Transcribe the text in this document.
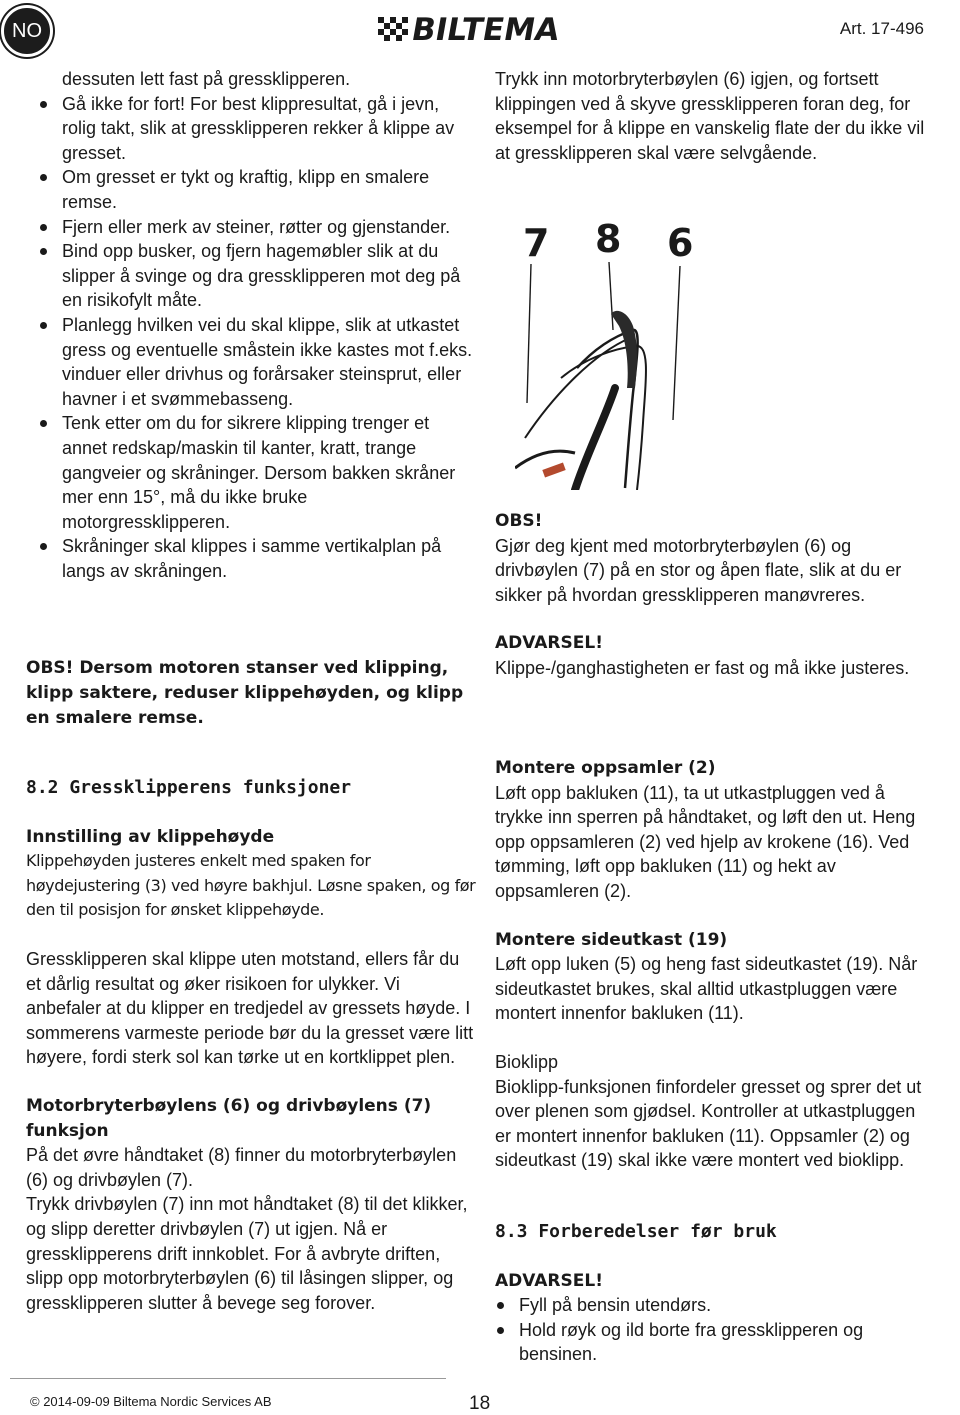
NO	BILTEMA	Art. 17-496

dessuten lett fast på gressklipperen.

Gå ikke for fort! For best klippresultat, gå i jevn, rolig takt, slik at gressklipperen rekker å klippe av gresset.
Om gresset er tykt og kraftig, klipp en smalere remse.
Fjern eller merk av steiner, røtter og gjenstander.
Bind opp busker, og fjern hagemøbler slik at du slipper å svinge og dra gressklipperen mot deg på en risikofylt måte.
Planlegg hvilken vei du skal klippe, slik at utkastet gress og eventuelle småstein ikke kastes mot f.eks. vinduer eller drivhus og forårsaker steinsprut, eller havner i et svømmebasseng.
Tenk etter om du for sikrere klipping trenger et annet redskap/maskin til kanter, kratt, trange gangveier og skråninger. Dersom bakken skråner mer enn 15°, må du ikke bruke motorgressklipperen.
Skråninger skal klippes i samme vertikalplan på langs av skråningen.

OBS! Dersom motoren stanser ved klipping, klipp saktere, reduser klippehøyden, og klipp en smalere remse.

8.2 Gressklipperens funksjoner

Innstilling av klippehøyde

Klippehøyden justeres enkelt med spaken for høydejustering (3) ved høyre bakhjul. Løsne spaken, og før den til posisjon for ønsket klippehøyde.

Gressklipperen skal klippe uten motstand, ellers får du et dårlig resultat og øker risikoen for ulykker. Vi anbefaler at du klipper en tredjedel av gressets høyde. I sommerens varmeste periode bør du la gresset være litt høyere, fordi sterk sol kan tørke ut en kortklippet plen.

Motorbryterbøylens (6) og drivbøylens (7) funksjon

På det øvre håndtaket (8) finner du motorbryterbøylen (6) og drivbøylen (7).

Trykk drivbøylen (7) inn mot håndtaket (8) til det klikker, og slipp deretter drivbøylen (7) ut igjen. Nå er gressklipperens drift innkoblet. For å avbryte driften, slipp opp motorbryterbøylen (6) til låsingen slipper, og gressklipperen slutter å bevege seg forover.

Trykk inn motorbryterbøylen (6) igjen, og fortsett klippingen ved å skyve gressklipperen foran deg, for eksempel for å klippe en vanskelig flate der du ikke vil at gressklipperen skal være selvgående.

7 8 6

OBS!

Gjør deg kjent med motorbryterbøylen (6) og drivbøylen (7) på en stor og åpen flate, slik at du er sikker på hvordan gressklipperen manøvreres.

ADVARSEL!

Klippe-/ganghastigheten er fast og må ikke justeres.

Montere oppsamler (2)

Løft opp bakluken (11), ta ut utkastpluggen ved å trykke inn sperren på håndtaket, og løft den ut. Heng opp oppsamleren (2) ved hjelp av krokene (16). Ved tømming, løft opp bakluken (11) og hekt av oppsamleren (2).

Montere sideutkast (19)

Løft opp luken (5) og heng fast sideutkastet (19). Når sideutkastet brukes, skal alltid utkastpluggen være montert innenfor bakluken (11).

Bioklipp

Bioklipp-funksjonen finfordeler gresset og sprer det ut over plenen som gjødsel. Kontroller at utkastpluggen er montert innenfor bakluken (11). Oppsamler (2) og sideutkast (19) skal ikke være montert ved bioklipp.

8.3 Forberedelser før bruk

ADVARSEL!

Fyll på bensin utendørs.
Hold røyk og ild borte fra gressklipperen og bensinen.
© 2014-09-09 Biltema Nordic Services AB	18
